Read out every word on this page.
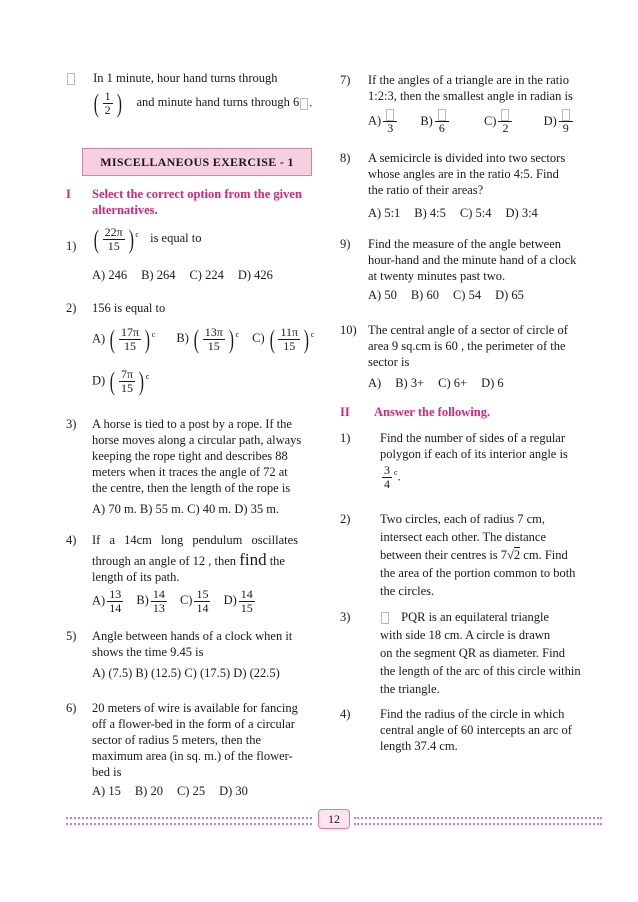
In 1 minute, hour hand turns through
( $\frac{1}{2}$ ) and minute hand turns through 6 .
MISCELLANEOUS EXERCISE - 1
I Select the correct option from the given alternatives.
1) ( $\frac{22\pi}{15}$ ) $^c$ is equal to
A) 246 B) 264 C) 224 D) 426
2) 156 is equal to
A) ( $\frac{17\pi}{15}$ ) $^c$ B) ( $\frac{13\pi}{15}$ ) $^c$ C) ( $\frac{11\pi}{15}$ ) $^c$
D) ( $\frac{7\pi}{15}$ ) $^c$
3) A horse is tied to a post by a rope. If the
horse moves along a circular path, always
keeping the rope tight and describes 88
meters when it traces the angle of 72 at
the centre, then the length of the rope is
A) 70 m. B) 55 m. C) 40 m. D) 35 m.
4) If a 14cm long pendulum oscillates
through an angle of 12 , then find the
length of its path.
$A) \frac{13}{14} B) \frac{14}{13} C) \frac{15}{14} D) \frac{14}{15}$
5) Angle between hands of a clock when it
shows the time 9.45 is
A) (7.5) B) (12.5) C) (17.5) D) (22.5)
6) 20 meters of wire is available for fancing
off a flower-bed in the form of a circular
sector of radius 5 meters, then the
maximum area (in sq. m.) of the flower-
bed is
A) 15 B) 20 C) 25 D) 30
7) If the angles of a triangle are in the ratio
1:2:3, then the smallest angle in radian is
A)
3
B)
6
C)
2
D)
9
8) A semicircle is divided into two sectors
whose angles are in the ratio 4:5. Find
the ratio of their areas?
A) 5:1 B) 4:5 C) 5:4 D) 3:4
9) Find the measure of the angle between
hour-hand and the minute hand of a clock
at twenty minutes past two.
A) 50 B) 60 C) 54 D) 65
10) The central angle of a sector of circle of
area 9 sq.cm is 60 , the perimeter of the
sector is
A) B) 3+ C) 6+ D) 6
II Answer the following.
1) Find the number of sides of a regular
polygon if each of its interior angle is
$\frac{3}{4} ^c$.
2) Two circles, each of radius 7 cm,
intersect each other. The distance
between their centres is 7√2 cm. Find
the area of the portion common to both
the circles.
3)	PQR is an equilateral triangle
with side 18 cm. A circle is drawn
on the segment QR as diameter. Find
the length of the arc of this circle within
the triangle.
4) Find the radius of the circle in which
central angle of 60 intercepts an arc of
length 37.4 cm.
12
